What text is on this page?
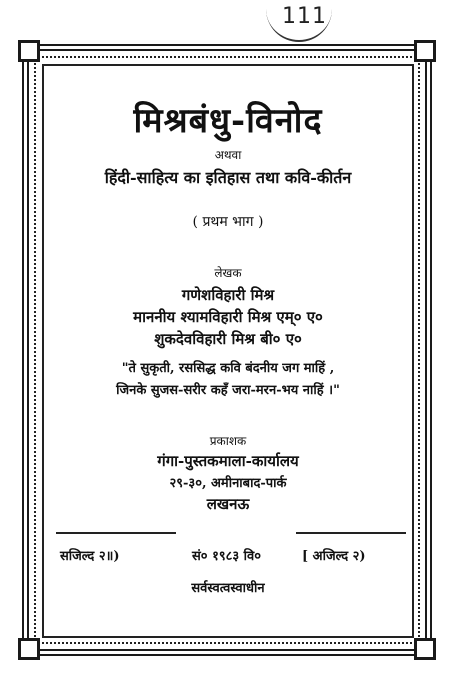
111
मिश्रबंधु-विनोद
अथवा
हिंदी-साहित्य का इतिहास तथा कवि-कीर्तन
( प्रथम भाग )
लेखक
गणेशविहारी मिश्र
माननीय श्यामविहारी मिश्र एम्० ए०
शुकदेवविहारी मिश्र बी० ए०
"ते सुकृती, रससिद्ध कवि बंदनीय जग माहिं ,
जिनके सुजस-सरीर कहँ जरा-मरन-भय नाहिं ।"
प्रकाशक
गंगा-पुस्तकमाला-कार्यालय
२९-३०, अमीनाबाद-पार्क
लखनऊ
सजिल्द २॥)	सं० १९८३ वि०	[ अजिल्द २)
सर्वस्वत्वस्वाधीन
